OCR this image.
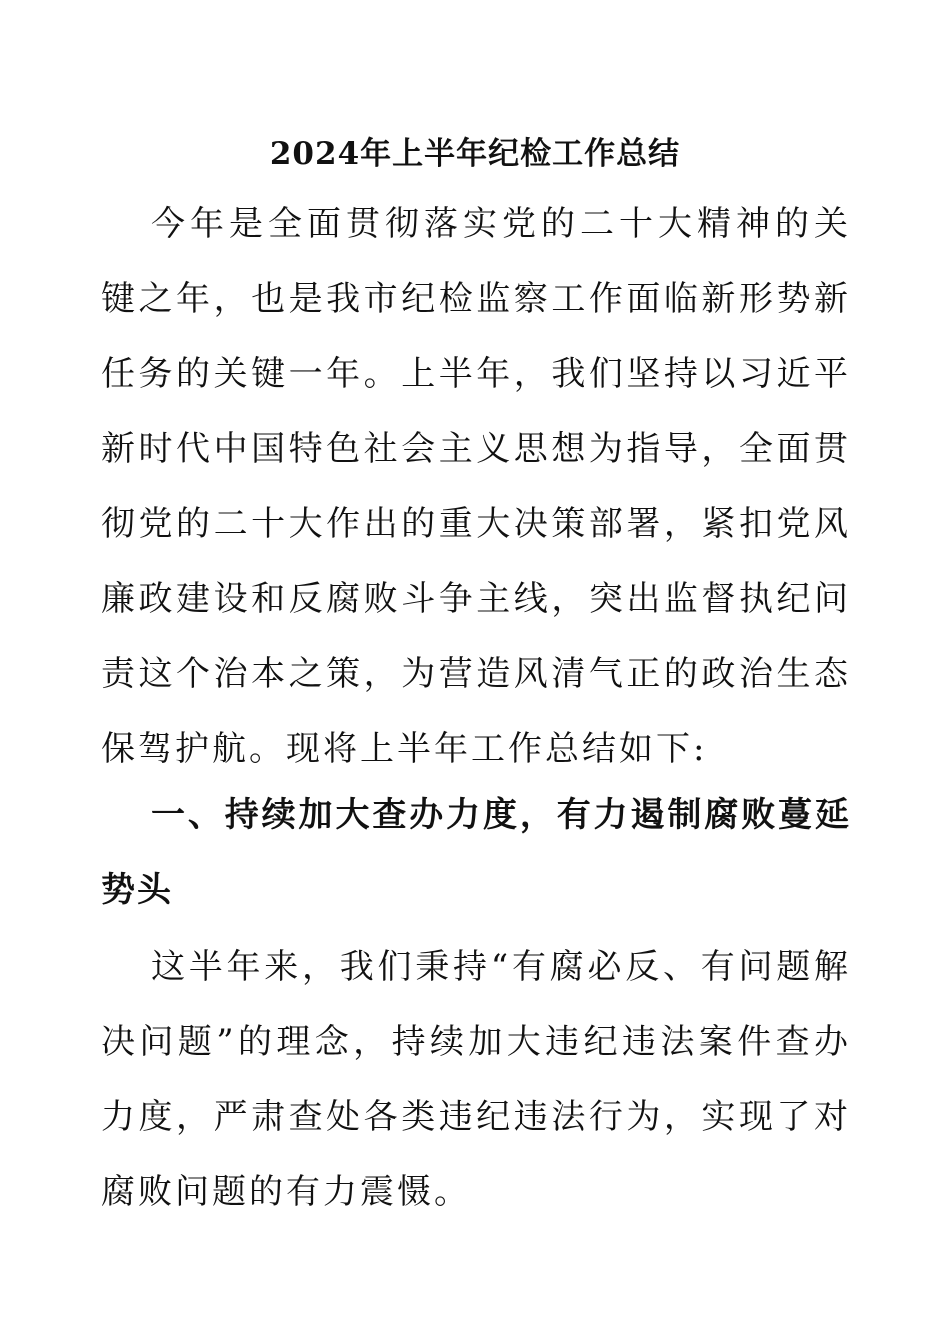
2024年上半年纪检工作总结

今年是全面贯彻落实党的二十大精神的关键之年，也是我市纪检监察工作面临新形势新任务的关键一年。上半年，我们坚持以习近平新时代中国特色社会主义思想为指导，全面贯彻党的二十大作出的重大决策部署，紧扣党风廉政建设和反腐败斗争主线，突出监督执纪问责这个治本之策，为营造风清气正的政治生态保驾护航。现将上半年工作总结如下:

一、持续加大查办力度，有力遏制腐败蔓延势头

这半年来，我们秉持“有腐必反、有问题解决问题”的理念，持续加大违纪违法案件查办力度，严肃查处各类违纪违法行为，实现了对腐败问题的有力震慑。
